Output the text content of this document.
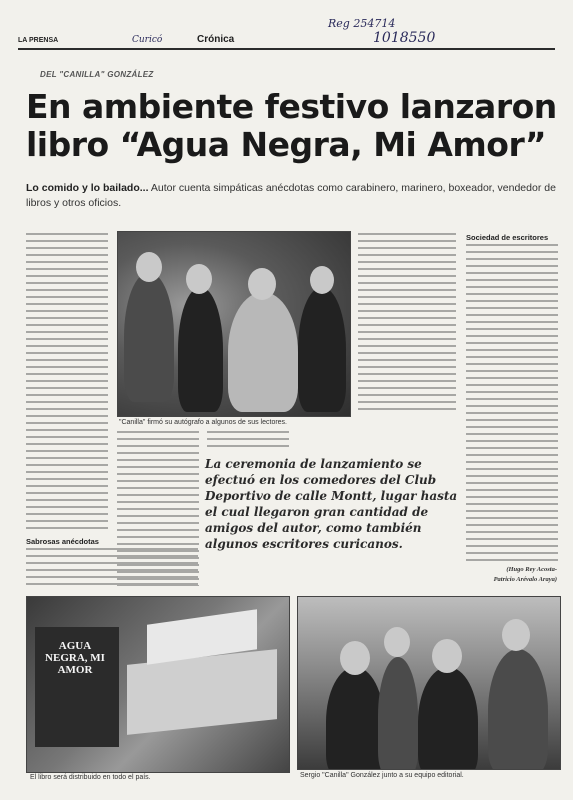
LA PRENSA	Curicó	Crónica
Reg 254714
1018550
DEL "CANILLA" GONZÁLEZ
En ambiente festivo lanzaron libro “Agua Negra, Mi Amor”
Lo comido y lo bailado... Autor cuenta simpáticas anécdotas como carabinero, marinero, boxeador, vendedor de libros y otros oficios.
Sabrosas anécdotas
"Canilla" firmó su autógrafo a algunos de sus lectores.
Sociedad de escritores
(Hugo Rey Acosta-
Patricio Arévalo Araya)
La ceremonia de lanzamiento se efectuó en los comedores del Club Deportivo de calle Montt, lugar hasta el cual llegaron gran cantidad de amigos del autor, como también algunos escritores curicanos.
AGUA NEGRA, MI AMOR
El libro será distribuido en todo el país.	Sergio "Canilla" González junto a su equipo editorial.
